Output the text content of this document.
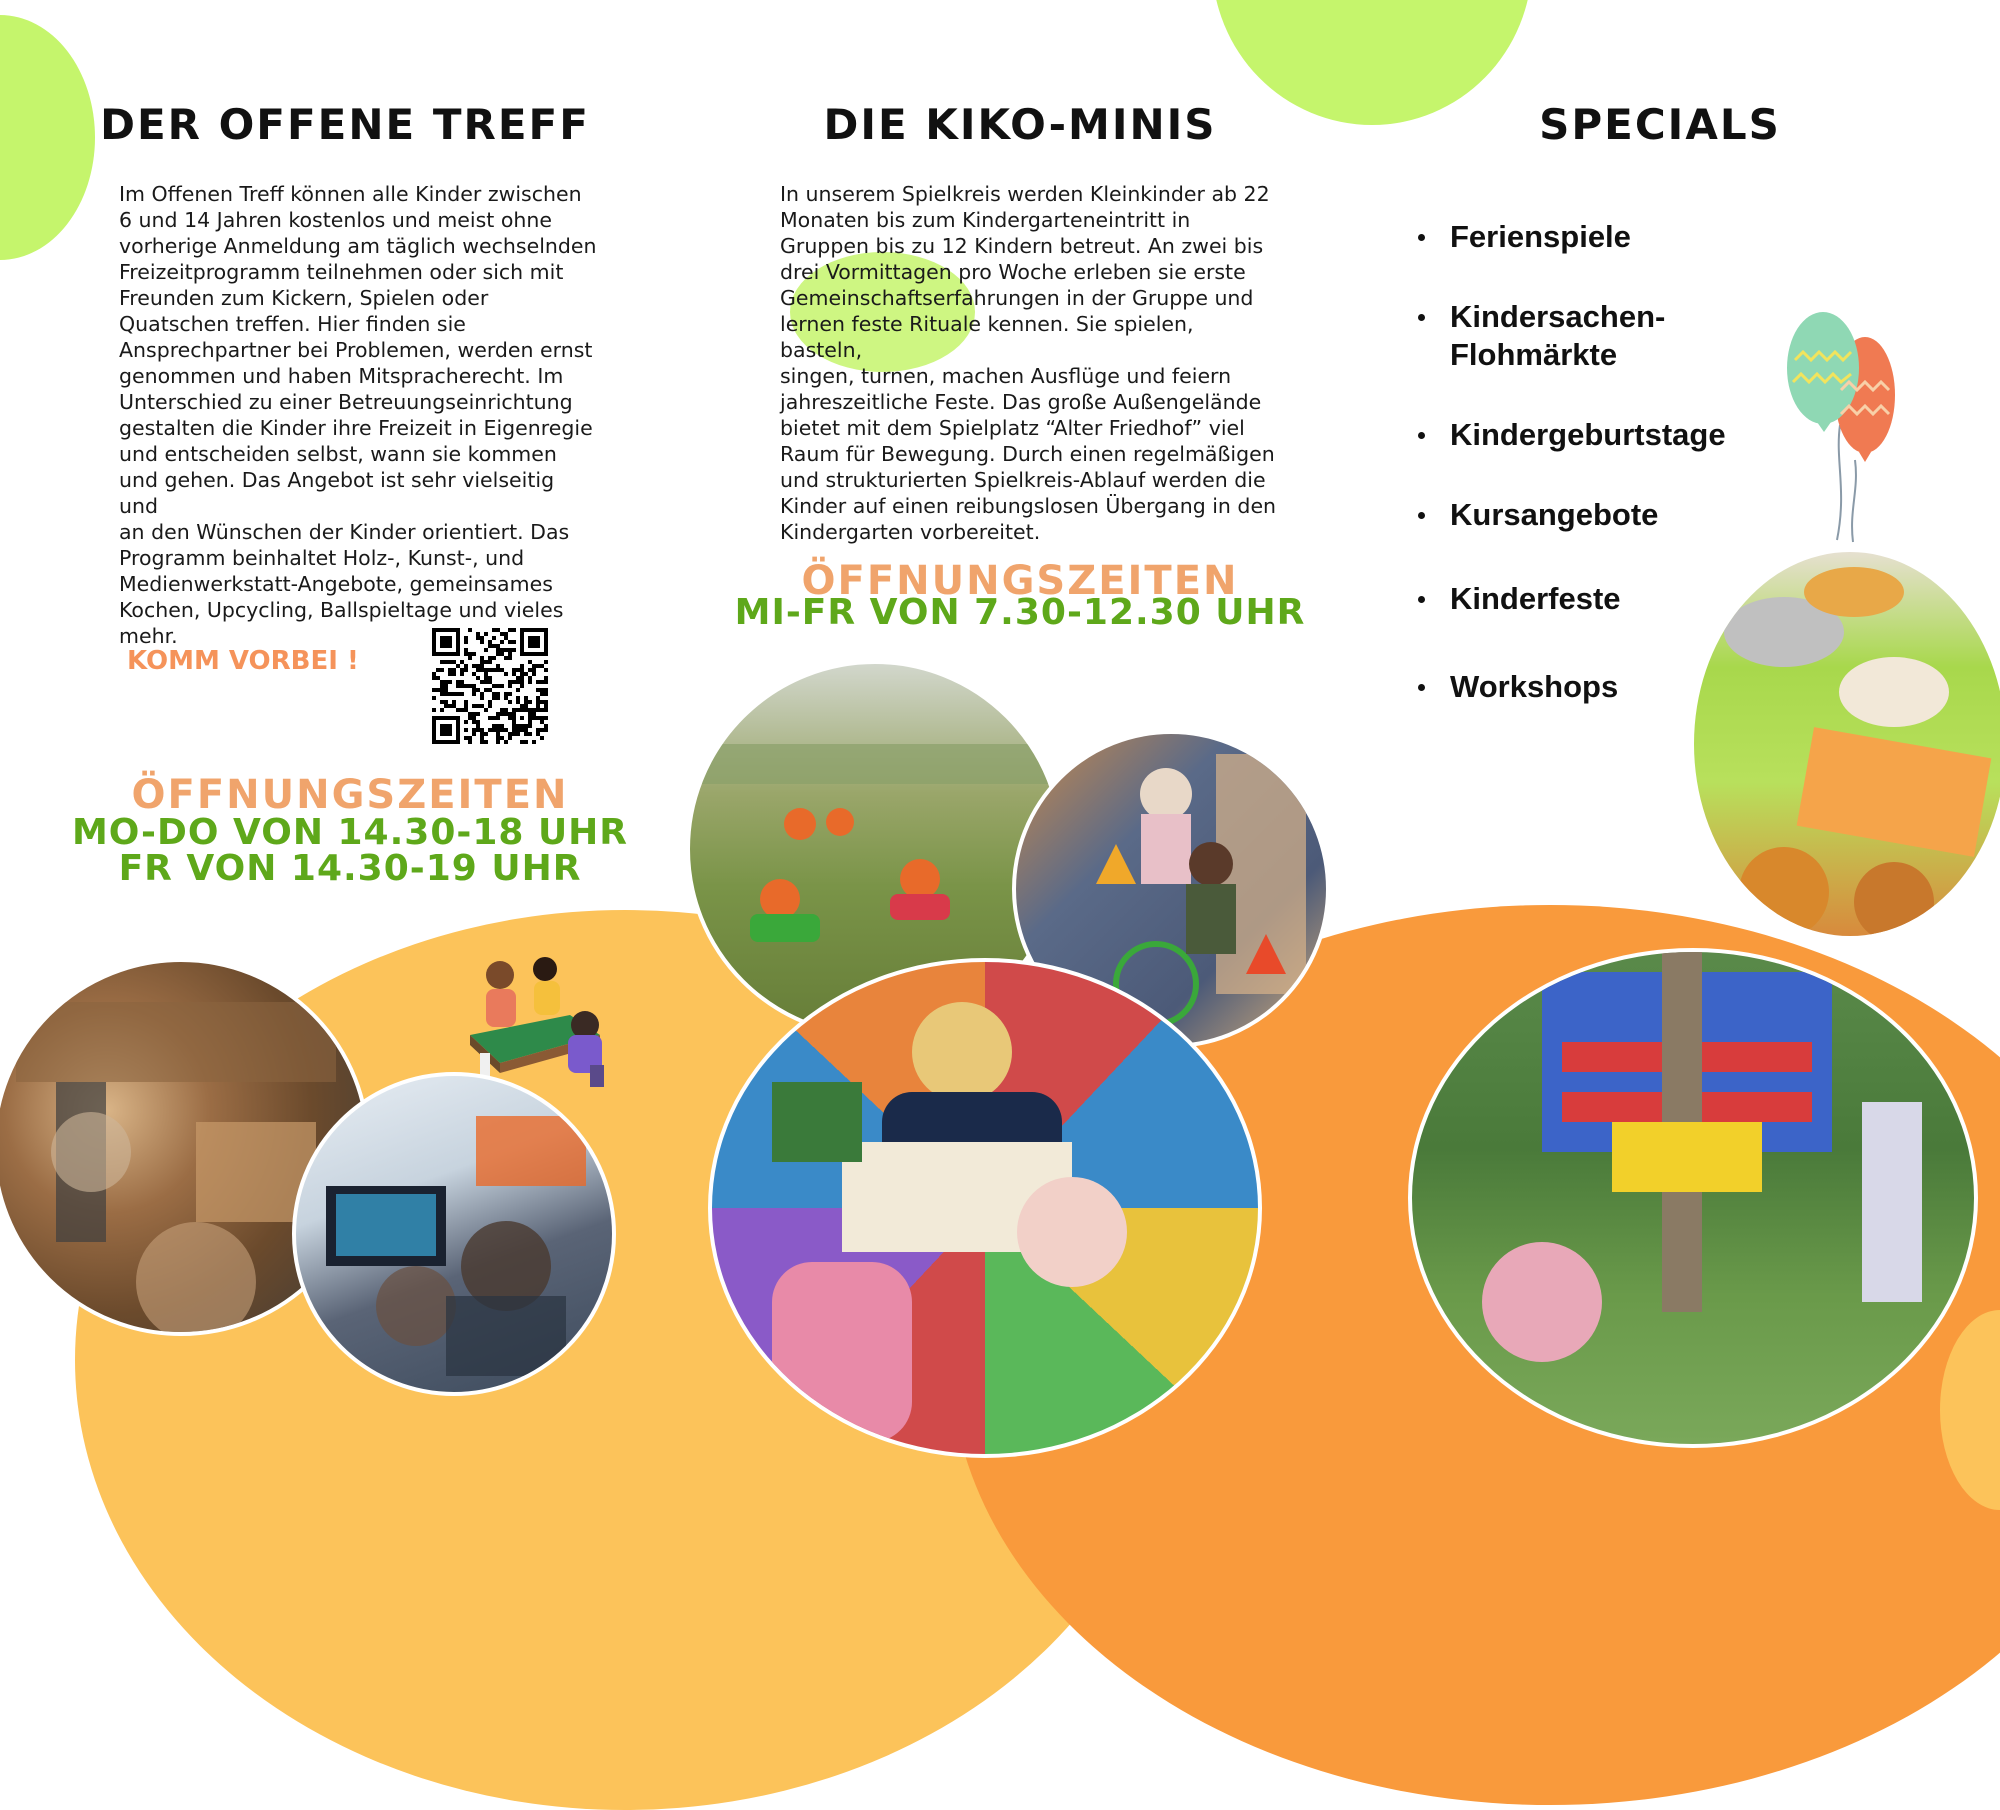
DER OFFENE TREFF
Im Offenen Treff können alle Kinder zwischen
6 und 14 Jahren kostenlos und meist ohne
vorherige Anmeldung am täglich wechselnden
Freizeitprogramm teilnehmen oder sich mit
Freunden zum Kickern, Spielen oder
Quatschen treffen. Hier finden sie
Ansprechpartner bei Problemen, werden ernst
genommen und haben Mitspracherecht. Im
Unterschied zu einer Betreuungseinrichtung
gestalten die Kinder ihre Freizeit in Eigenregie
und entscheiden selbst, wann sie kommen
und gehen. Das Angebot ist sehr vielseitig und
an den Wünschen der Kinder orientiert. Das
Programm beinhaltet Holz-, Kunst-, und
Medienwerkstatt-Angebote, gemeinsames
Kochen, Upcycling, Ballspieltage und vieles
mehr.
KOMM VORBEI !
ÖFFNUNGSZEITEN
MO-DO VON 14.30-18 UHR
FR VON 14.30-19 UHR
DIE KIKO-MINIS
In unserem Spielkreis werden Kleinkinder ab 22
Monaten bis zum Kindergarteneintritt in
Gruppen bis zu 12 Kindern betreut. An zwei bis
drei Vormittagen pro Woche erleben sie erste
Gemeinschaftserfahrungen in der Gruppe und
lernen feste Rituale kennen. Sie spielen, basteln,
singen, turnen, machen Ausflüge und feiern
jahreszeitliche Feste. Das große Außengelände
bietet mit dem Spielplatz “Alter Friedhof” viel
Raum für Bewegung. Durch einen regelmäßigen
und strukturierten Spielkreis-Ablauf werden die
Kinder auf einen reibungslosen Übergang in den
Kindergarten vorbereitet.
ÖFFNUNGSZEITEN
MI-FR VON 7.30-12.30 UHR
SPECIALS
Ferienspiele
Kindersachen-
Flohmärkte
Kindergeburtstage
Kursangebote
Kinderfeste
Workshops
